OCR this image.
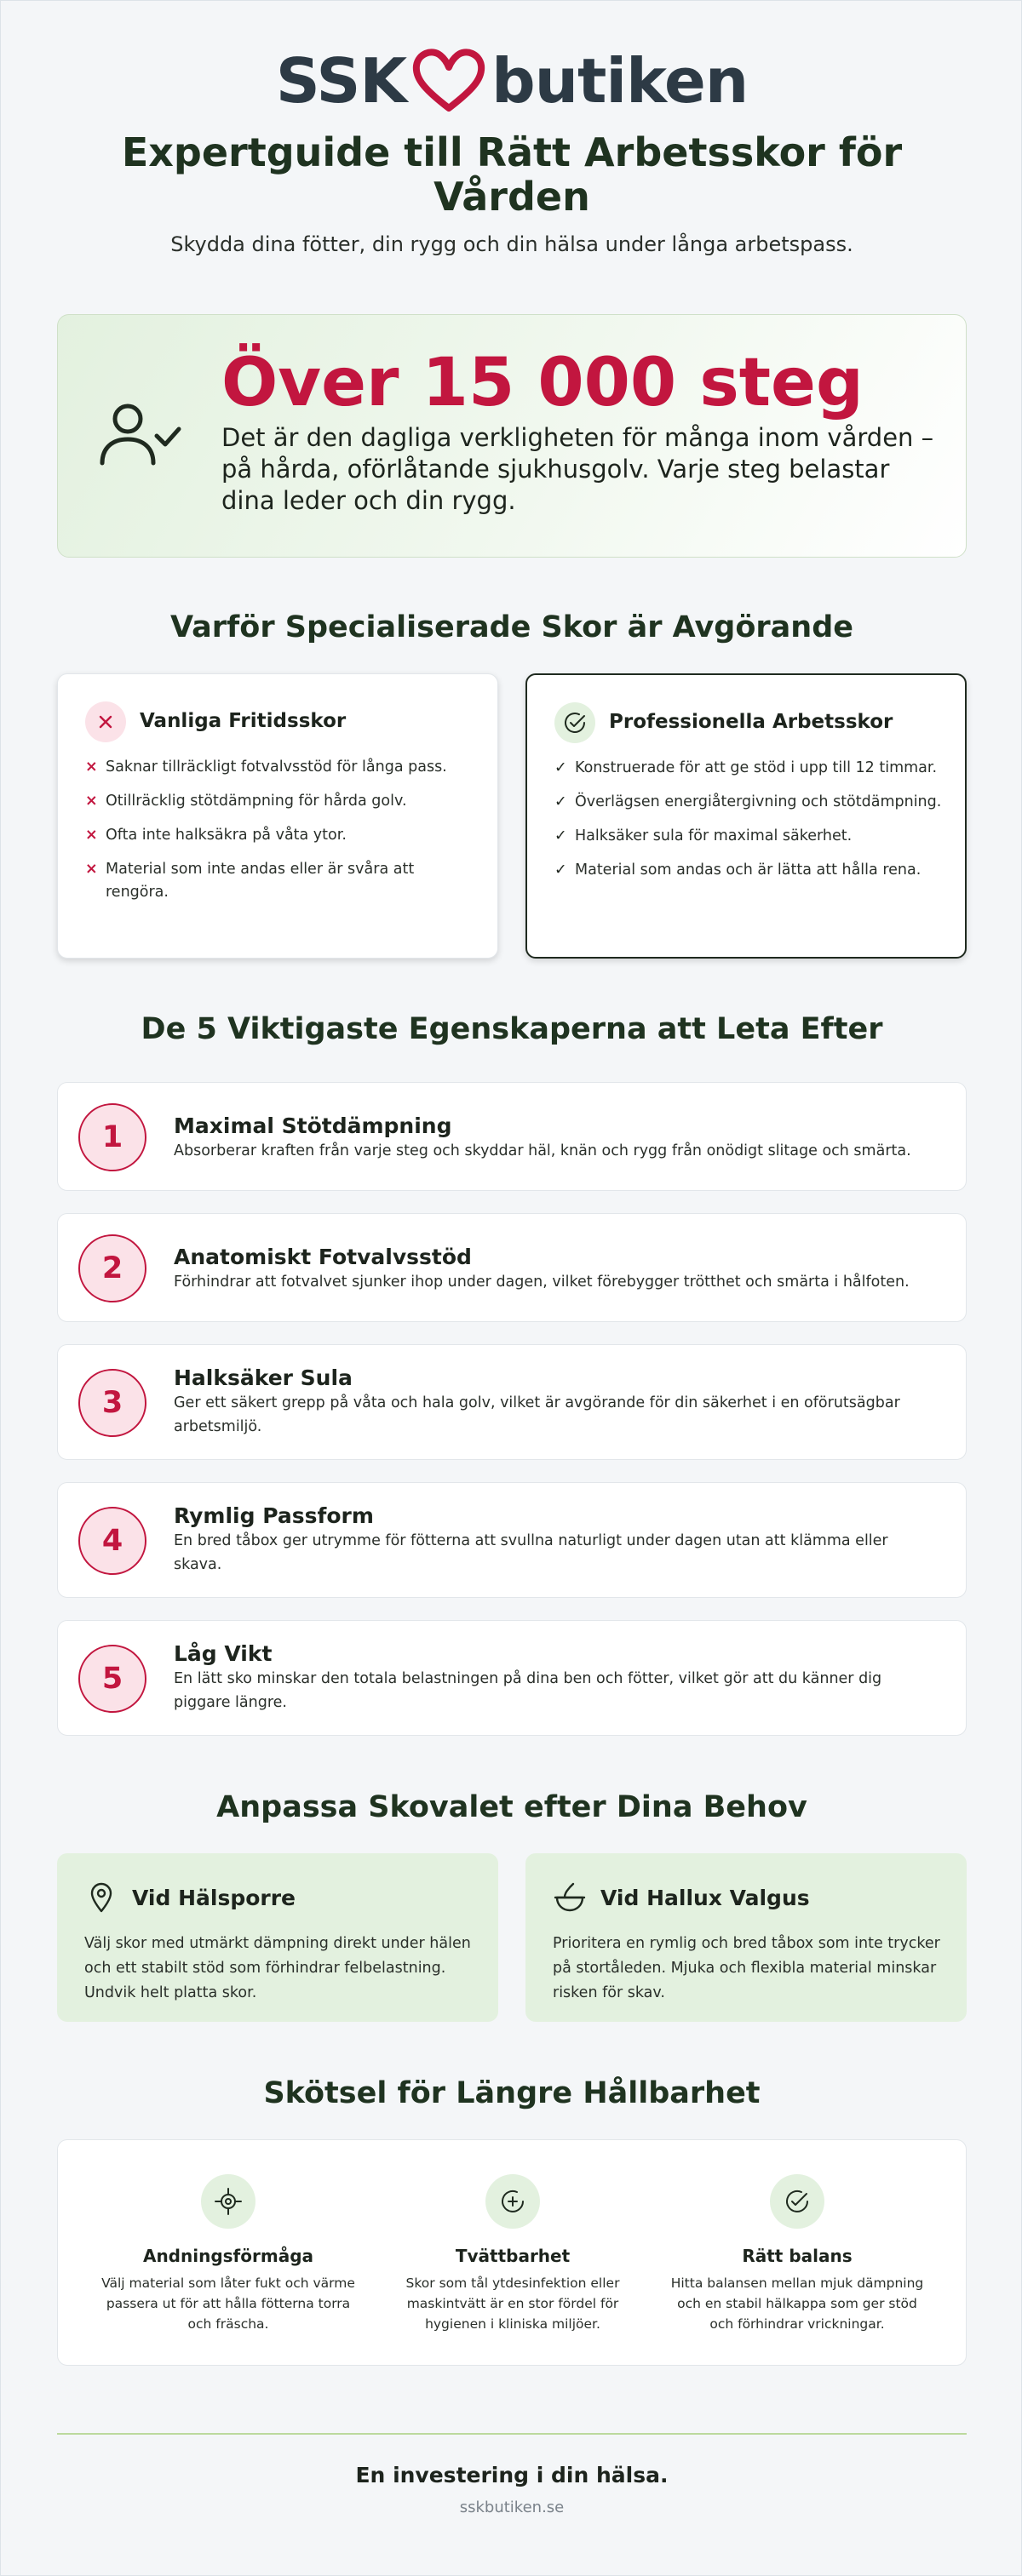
SSK butiken
Expertguide till Rätt Arbetsskor för Vården

Skydda dina fötter, din rygg och din hälsa under långa arbetspass.

Över 15 000 steg
Det är den dagliga verkligheten för många inom vården – på hårda, oförlåtande sjukhusgolv. Varje steg belastar dina leder och din rygg.
Varför Specialiserade Skor är Avgörande
Vanliga Fritidsskor
× Saknar tillräckligt fotvalvsstöd för långa pass.
× Otillräcklig stötdämpning för hårda golv.
× Ofta inte halksäkra på våta ytor.
× Material som inte andas eller är svåra att rengöra.
Professionella Arbetsskor
✓ Konstruerade för att ge stöd i upp till 12 timmar.
✓ Överlägsen energiåtergivning och stötdämpning.
✓ Halksäker sula för maximal säkerhet.
✓ Material som andas och är lätta att hålla rena.
De 5 Viktigaste Egenskaperna att Leta Efter
1	Maximal Stötdämpning
Absorberar kraften från varje steg och skyddar häl, knän och rygg från onödigt slitage och smärta.
2	Anatomiskt Fotvalvsstöd
Förhindrar att fotvalvet sjunker ihop under dagen, vilket förebygger trötthet och smärta i hålfoten.
3
Halksäker Sula
Ger ett säkert grepp på våta och hala golv, vilket är avgörande för din säkerhet i en oförutsägbar arbetsmiljö.
4
Rymlig Passform
En bred tåbox ger utrymme för fötterna att svullna naturligt under dagen utan att klämma eller skava.
5
Låg Vikt
En lätt sko minskar den totala belastningen på dina ben och fötter, vilket gör att du känner dig piggare längre.
Anpassa Skovalet efter Dina Behov
Vid Hälsporre
Välj skor med utmärkt dämpning direkt under hälen och ett stabilt stöd som förhindrar felbelastning. Undvik helt platta skor.
Vid Hallux Valgus
Prioritera en rymlig och bred tåbox som inte trycker på stortåleden. Mjuka och flexibla material minskar risken för skav.
Skötsel för Längre Hållbarhet
Andningsförmåga
Välj material som låter fukt och värme passera ut för att hålla fötterna torra och fräscha.
Tvättbarhet
Skor som tål ytdesinfektion eller maskintvätt är en stor fördel för hygienen i kliniska miljöer.
Rätt balans
Hitta balansen mellan mjuk dämpning och en stabil hälkappa som ger stöd och förhindrar vrickningar.
En investering i din hälsa.
sskbutiken.se
